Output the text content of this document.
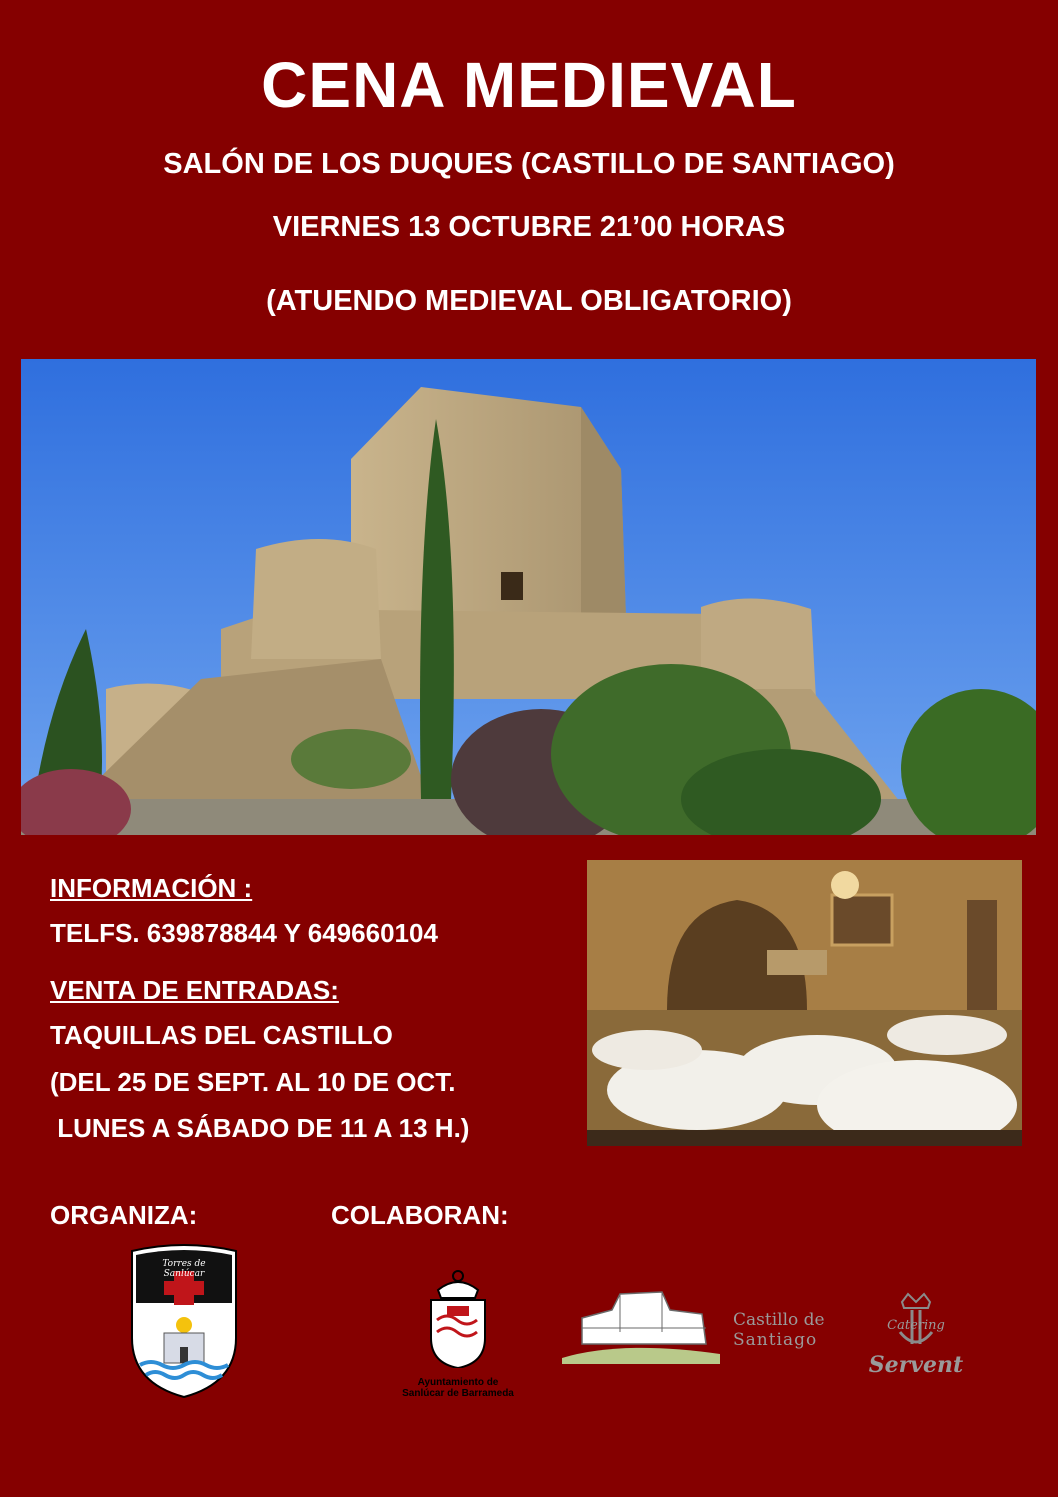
CENA MEDIEVAL
SALÓN DE LOS DUQUES (CASTILLO DE SANTIAGO)
VIERNES 13 OCTUBRE 21’00 HORAS
(ATUENDO MEDIEVAL OBLIGATORIO)
INFORMACIÓN :
TELFS. 639878844 Y 649660104
VENTA DE ENTRADAS:
TAQUILLAS DEL CASTILLO
(DEL 25 DE SEPT. AL 10 DE OCT.
LUNES A SÁBADO DE 11 A 13 H.)
ORGANIZA:	COLABORAN:
Torres de Sanlúcar
Ayuntamiento de
Sanlúcar de Barrameda
Castillo de
Santiago
Catering
Servent
